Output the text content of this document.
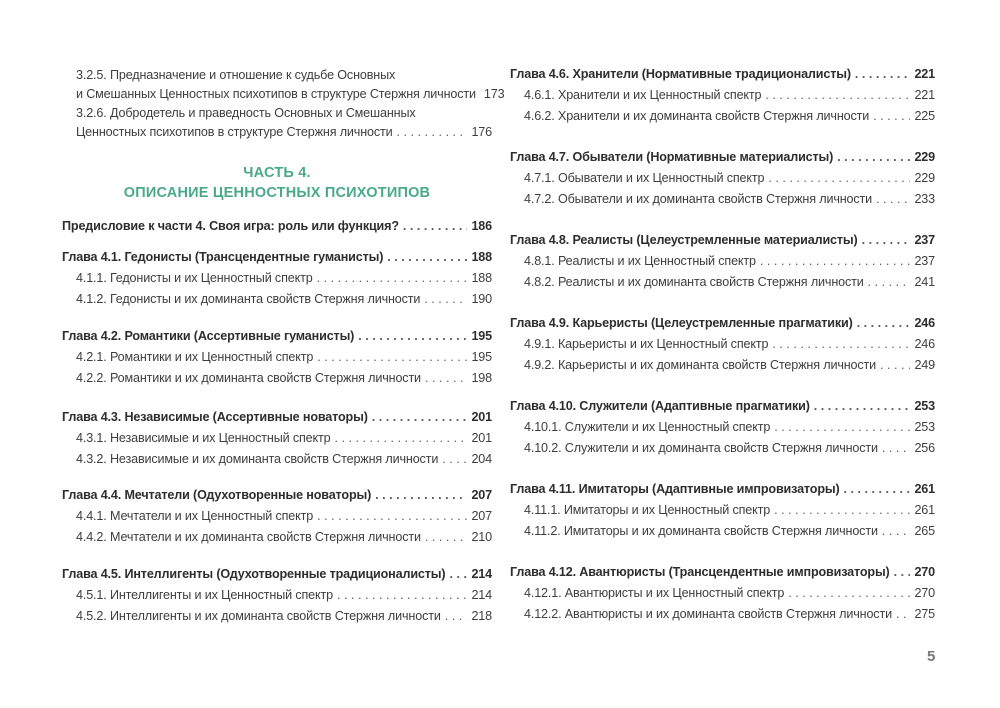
3.2.5. Предназначение и отношение к судьбе Основных
и Смешанных Ценностных психотипов в структуре Стержня личности 173
3.2.6. Добродетель и праведность Основных и Смешанных
Ценностных психотипов в структуре Стержня личности . . .	176
ЧАСТЬ 4.
ОПИСАНИЕ ЦЕННОСТНЫХ ПСИХОТИПОВ
Предисловие к части 4. Своя игра: роль или функция? . . .	186
Глава 4.1. Гедонисты (Трансцендентные гуманисты) . . .	188
4.1.1. Гедонисты и их Ценностный спектр . . .	188
4.1.2. Гедонисты и их доминанта свойств Стержня личности . . .	190
Глава 4.2. Романтики (Ассертивные гуманисты) . . .	195
4.2.1. Романтики и их Ценностный спектр . . .	195
4.2.2. Романтики и их доминанта свойств Стержня личности . . .	198
Глава 4.3. Независимые (Ассертивные новаторы) . . .	201
4.3.1. Независимые и их Ценностный спектр . . .	201
4.3.2. Независимые и их доминанта свойств Стержня личности . . .	204
Глава 4.4. Мечтатели (Одухотворенные новаторы) . . .	207
4.4.1. Мечтатели и их Ценностный спектр . . .	207
4.4.2. Мечтатели и их доминанта свойств Стержня личности . . .	210
Глава 4.5. Интеллигенты (Одухотворенные традиционалисты) . . . 214
4.5.1. Интеллигенты и их Ценностный спектр . . .	214
4.5.2. Интеллигенты и их доминанта свойств Стержня личности . . . 218
Глава 4.6. Хранители (Нормативные традиционалисты) . . .	221
4.6.1. Хранители и их Ценностный спектр . . .	221
4.6.2. Хранители и их доминанта свойств Стержня личности . . .	225
Глава 4.7. Обыватели (Нормативные материалисты) . . .	229
4.7.1. Обыватели и их Ценностный спектр . . .	229
4.7.2. Обыватели и их доминанта свойств Стержня личности . . .	233
Глава 4.8. Реалисты (Целеустремленные материалисты) . . .	237
4.8.1. Реалисты и их Ценностный спектр . . .	237
4.8.2. Реалисты и их доминанта свойств Стержня личности . . .	241
Глава 4.9. Карьеристы (Целеустремленные прагматики) . . .	246
4.9.1. Карьеристы и их Ценностный спектр . . .	246
4.9.2. Карьеристы и их доминанта свойств Стержня личности . . .	249
Глава 4.10. Служители (Адаптивные прагматики) . . .	253
4.10.1. Служители и их Ценностный спектр . . .	253
4.10.2. Служители и их доминанта свойств Стержня личности . . .	256
Глава 4.11. Имитаторы (Адаптивные импровизаторы) . . .	261
4.11.1. Имитаторы и их Ценностный спектр . . .	261
4.11.2. Имитаторы и их доминанта свойств Стержня личности . . .	265
Глава 4.12. Авантюристы (Трансцендентные импровизаторы) . . . 270
4.12.1. Авантюристы и их Ценностный спектр . . .	270
4.12.2. Авантюристы и их доминанта свойств Стержня личности . . . 275
5
